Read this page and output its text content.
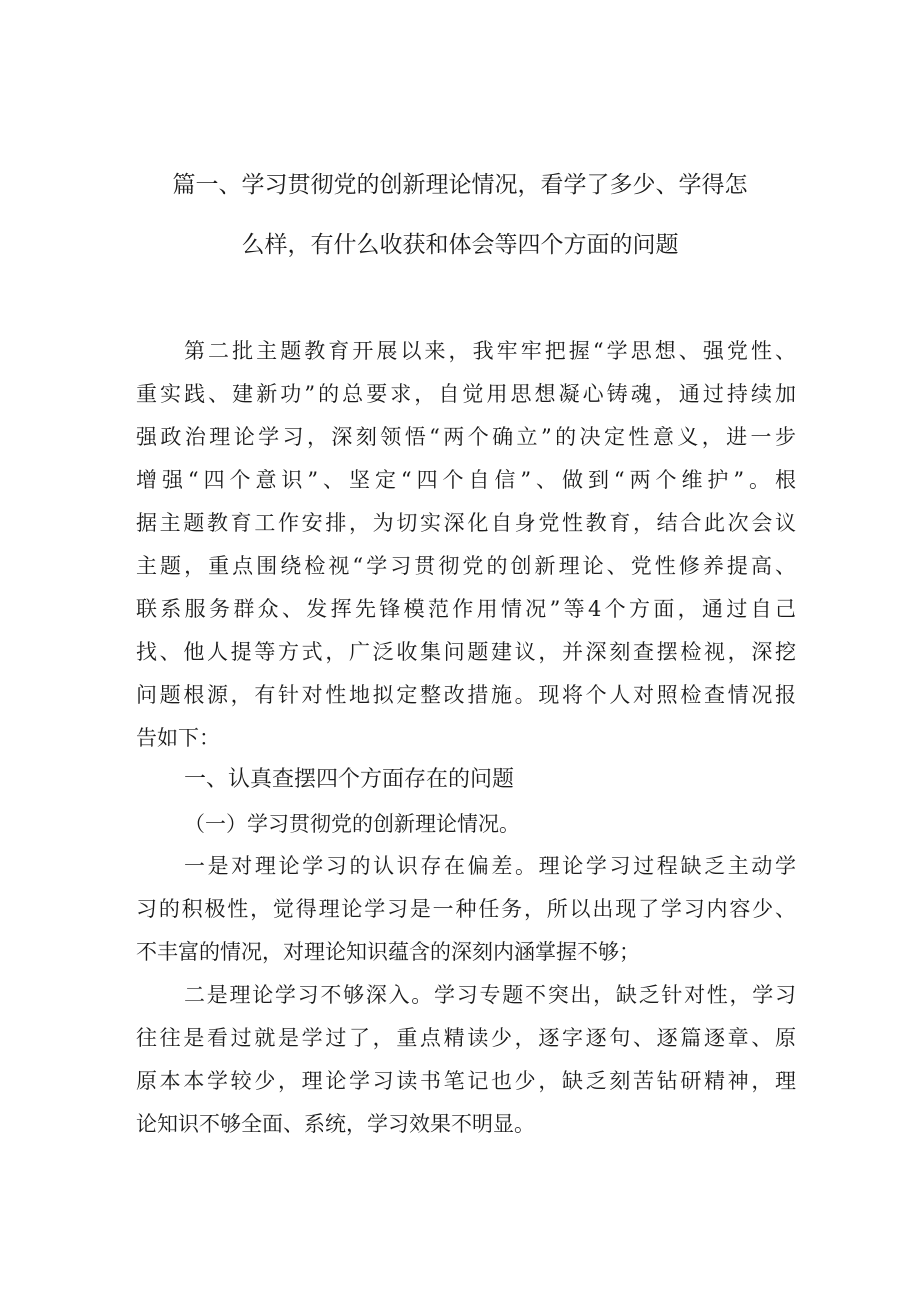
篇一、学习贯彻党的创新理论情况，看学了多少、学得怎
么样，有什么收获和体会等四个方面的问题
第二批主题教育开展以来，我牢牢把握“学思想、强党性、
重实践、建新功”的总要求，自觉用思想凝心铸魂，通过持续加
强政治理论学习，深刻领悟“两个确立”的决定性意义，进一步
增强“四个意识”、坚定“四个自信”、做到“两个维护”。根
据主题教育工作安排，为切实深化自身党性教育，结合此次会议
主题，重点围绕检视“学习贯彻党的创新理论、党性修养提高、
联系服务群众、发挥先锋模范作用情况”等4个方面，通过自己
找、他人提等方式，广泛收集问题建议，并深刻查摆检视，深挖
问题根源，有针对性地拟定整改措施。现将个人对照检查情况报
告如下：
一、认真查摆四个方面存在的问题
（一）学习贯彻党的创新理论情况。
一是对理论学习的认识存在偏差。理论学习过程缺乏主动学
习的积极性，觉得理论学习是一种任务，所以出现了学习内容少、
不丰富的情况，对理论知识蕴含的深刻内涵掌握不够；
二是理论学习不够深入。学习专题不突出，缺乏针对性，学习
往往是看过就是学过了，重点精读少，逐字逐句、逐篇逐章、原
原本本学较少，理论学习读书笔记也少，缺乏刻苦钻研精神，理
论知识不够全面、系统，学习效果不明显。
